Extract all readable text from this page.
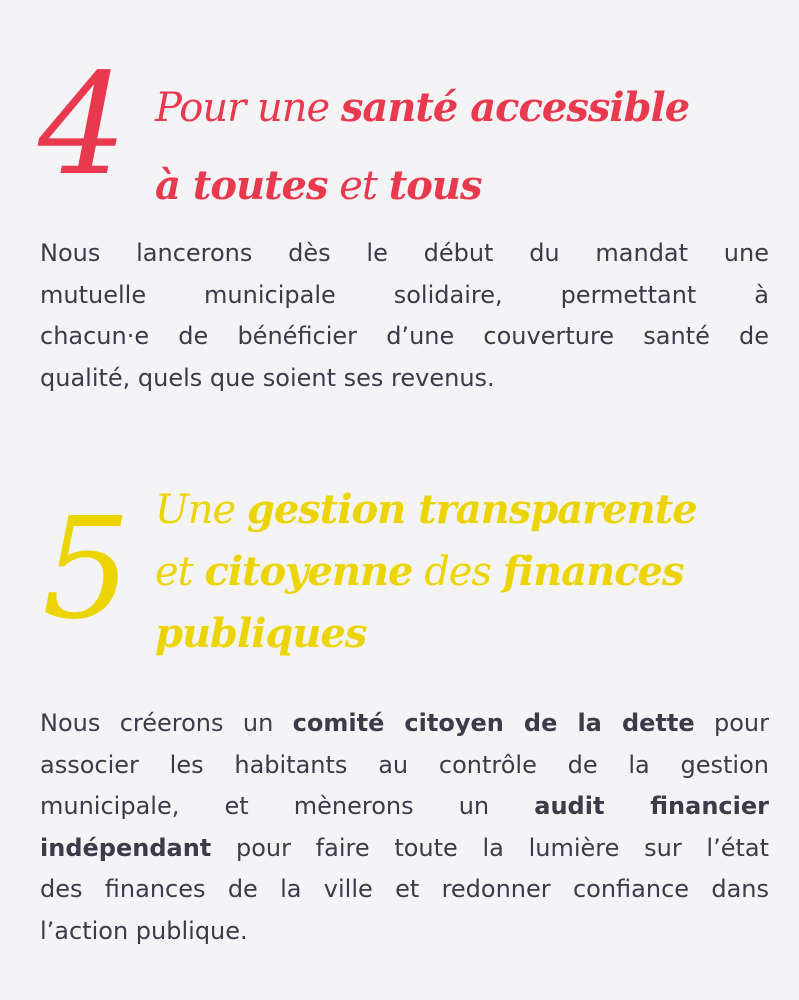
4 Pour une santé accessible
à toutes et tous

Nous lancerons dès le début du mandat une
mutuelle municipale solidaire, permettant à
chacun·e de bénéficier d’une couverture santé de
qualité, quels que soient ses revenus.

5 Une gestion transparente
et citoyenne des finances
publiques

Nous créerons un comité citoyen de la dette pour
associer les habitants au contrôle de la gestion
municipale, et mènerons un audit financier
indépendant pour faire toute la lumière sur l’état
des finances de la ville et redonner confiance dans
l’action publique.
